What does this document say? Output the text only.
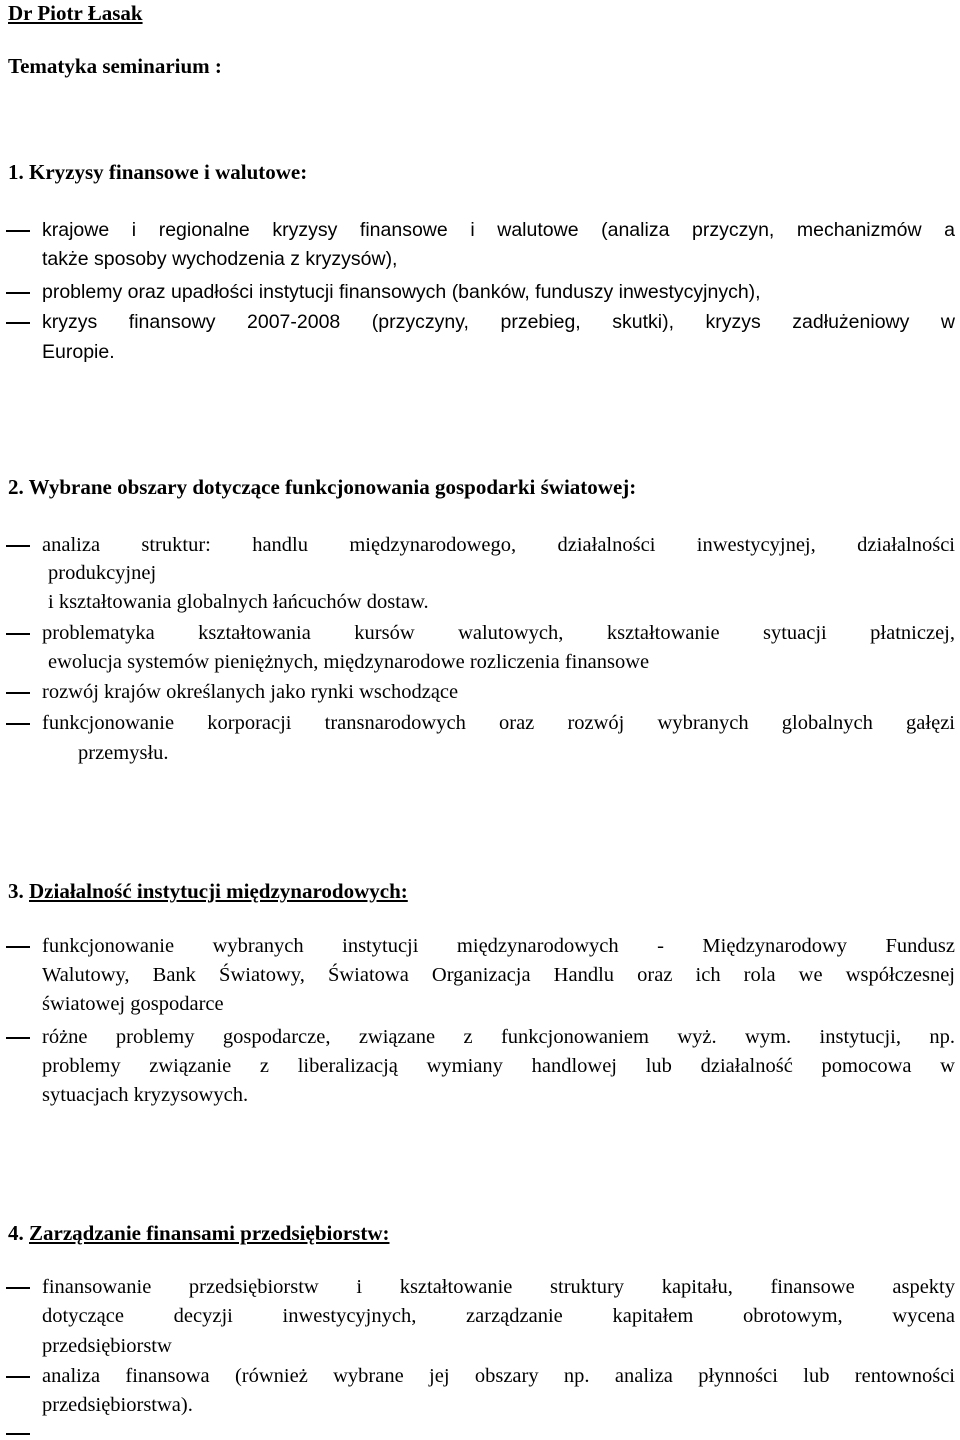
Dr Piotr Łasak
Tematyka seminarium :
1. Kryzysy finansowe i walutowe:
krajowe i regionalne kryzysy finansowe i walutowe (analiza przyczyn, mechanizmów a
także sposoby wychodzenia z kryzysów),
problemy oraz upadłości instytucji finansowych (banków, funduszy inwestycyjnych),
kryzys finansowy 2007-2008 (przyczyny, przebieg, skutki), kryzys zadłużeniowy w
Europie.
2. Wybrane obszary dotyczące funkcjonowania gospodarki światowej:
analiza struktur: handlu międzynarodowego, działalności inwestycyjnej, działalności
produkcyjnej
i kształtowania globalnych łańcuchów dostaw.
problematyka kształtowania kursów walutowych, kształtowanie sytuacji płatniczej,
ewolucja systemów pieniężnych, międzynarodowe rozliczenia finansowe
rozwój krajów określanych jako rynki wschodzące
funkcjonowanie korporacji transnarodowych oraz rozwój wybranych globalnych gałęzi
przemysłu.
3. Działalność instytucji międzynarodowych:
funkcjonowanie wybranych instytucji międzynarodowych - Międzynarodowy Fundusz
Walutowy, Bank Światowy, Światowa Organizacja Handlu oraz ich rola we współczesnej
światowej gospodarce
różne problemy gospodarcze, związane z funkcjonowaniem wyż. wym. instytucji, np.
problemy związanie z liberalizacją wymiany handlowej lub działalność pomocowa w
sytuacjach kryzysowych.
4. Zarządzanie finansami przedsiębiorstw:
finansowanie przedsiębiorstw i kształtowanie struktury kapitału, finansowe aspekty
dotyczące decyzji inwestycyjnych, zarządzanie kapitałem obrotowym, wycena
przedsiębiorstw
analiza finansowa (również wybrane jej obszary np. analiza płynności lub rentowności
przedsiębiorstwa).
